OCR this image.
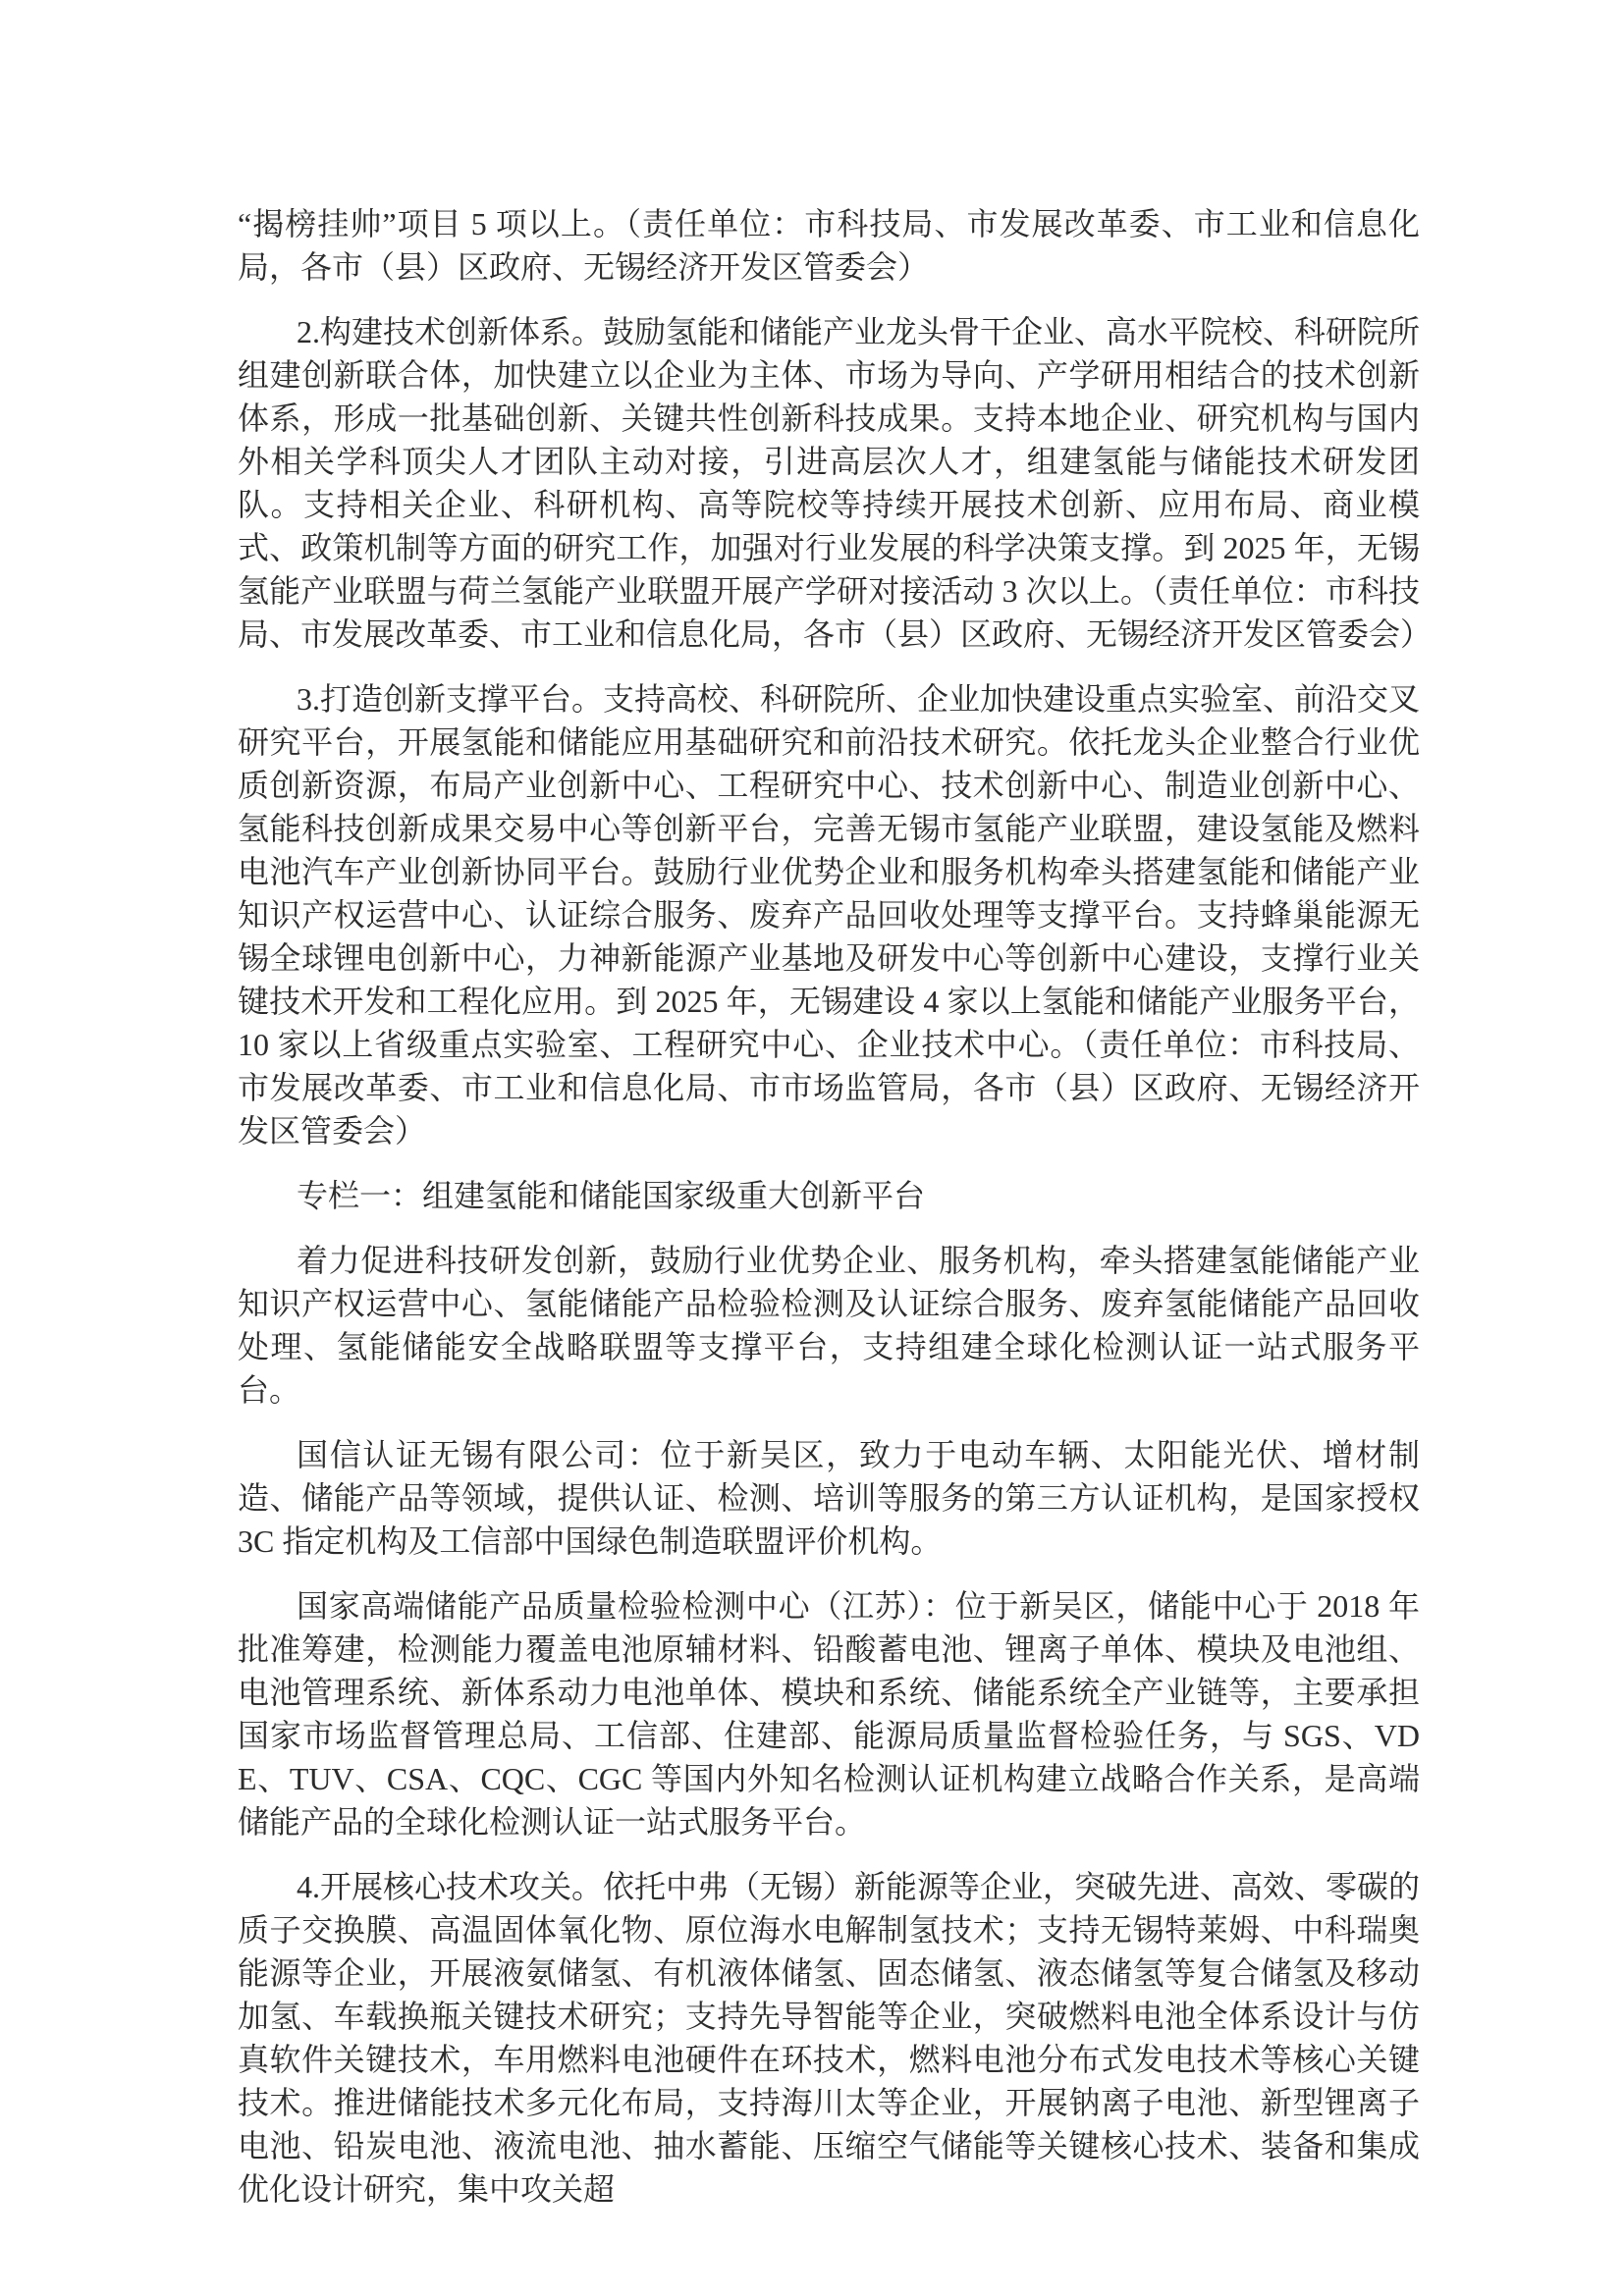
“揭榜挂帅”项目 5 项以上。（责任单位：市科技局、市发展改革委、市工业和信息化局，各市（县）区政府、无锡经济开发区管委会）

2.构建技术创新体系。鼓励氢能和储能产业龙头骨干企业、高水平院校、科研院所组建创新联合体，加快建立以企业为主体、市场为导向、产学研用相结合的技术创新体系，形成一批基础创新、关键共性创新科技成果。支持本地企业、研究机构与国内外相关学科顶尖人才团队主动对接，引进高层次人才，组建氢能与储能技术研发团队。支持相关企业、科研机构、高等院校等持续开展技术创新、应用布局、商业模式、政策机制等方面的研究工作，加强对行业发展的科学决策支撑。到 2025 年，无锡氢能产业联盟与荷兰氢能产业联盟开展产学研对接活动 3 次以上。（责任单位：市科技局、市发展改革委、市工业和信息化局，各市（县）区政府、无锡经济开发区管委会）

3.打造创新支撑平台。支持高校、科研院所、企业加快建设重点实验室、前沿交叉研究平台，开展氢能和储能应用基础研究和前沿技术研究。依托龙头企业整合行业优质创新资源，布局产业创新中心、工程研究中心、技术创新中心、制造业创新中心、氢能科技创新成果交易中心等创新平台，完善无锡市氢能产业联盟，建设氢能及燃料电池汽车产业创新协同平台。鼓励行业优势企业和服务机构牵头搭建氢能和储能产业知识产权运营中心、认证综合服务、废弃产品回收处理等支撑平台。支持蜂巢能源无锡全球锂电创新中心，力神新能源产业基地及研发中心等创新中心建设，支撑行业关键技术开发和工程化应用。到 2025 年，无锡建设 4 家以上氢能和储能产业服务平台，10 家以上省级重点实验室、工程研究中心、企业技术中心。（责任单位：市科技局、市发展改革委、市工业和信息化局、市市场监管局，各市（县）区政府、无锡经济开发区管委会）

专栏一：组建氢能和储能国家级重大创新平台

着力促进科技研发创新，鼓励行业优势企业、服务机构，牵头搭建氢能储能产业知识产权运营中心、氢能储能产品检验检测及认证综合服务、废弃氢能储能产品回收处理、氢能储能安全战略联盟等支撑平台，支持组建全球化检测认证一站式服务平台。

国信认证无锡有限公司：位于新吴区，致力于电动车辆、太阳能光伏、增材制造、储能产品等领域，提供认证、检测、培训等服务的第三方认证机构，是国家授权 3C 指定机构及工信部中国绿色制造联盟评价机构。

国家高端储能产品质量检验检测中心（江苏）：位于新吴区，储能中心于 2018 年批准筹建，检测能力覆盖电池原辅材料、铅酸蓄电池、锂离子单体、模块及电池组、电池管理系统、新体系动力电池单体、模块和系统、储能系统全产业链等，主要承担国家市场监督管理总局、工信部、住建部、能源局质量监督检验任务，与 SGS、VDE、TUV、CSA、CQC、CGC 等国内外知名检测认证机构建立战略合作关系，是高端储能产品的全球化检测认证一站式服务平台。

4.开展核心技术攻关。依托中弗（无锡）新能源等企业，突破先进、高效、零碳的质子交换膜、高温固体氧化物、原位海水电解制氢技术；支持无锡特莱姆、中科瑞奥能源等企业，开展液氨储氢、有机液体储氢、固态储氢、液态储氢等复合储氢及移动加氢、车载换瓶关键技术研究；支持先导智能等企业，突破燃料电池全体系设计与仿真软件关键技术，车用燃料电池硬件在环技术，燃料电池分布式发电技术等核心关键技术。推进储能技术多元化布局，支持海川太等企业，开展钠离子电池、新型锂离子电池、铅炭电池、液流电池、抽水蓄能、压缩空气储能等关键核心技术、装备和集成优化设计研究，集中攻关超
